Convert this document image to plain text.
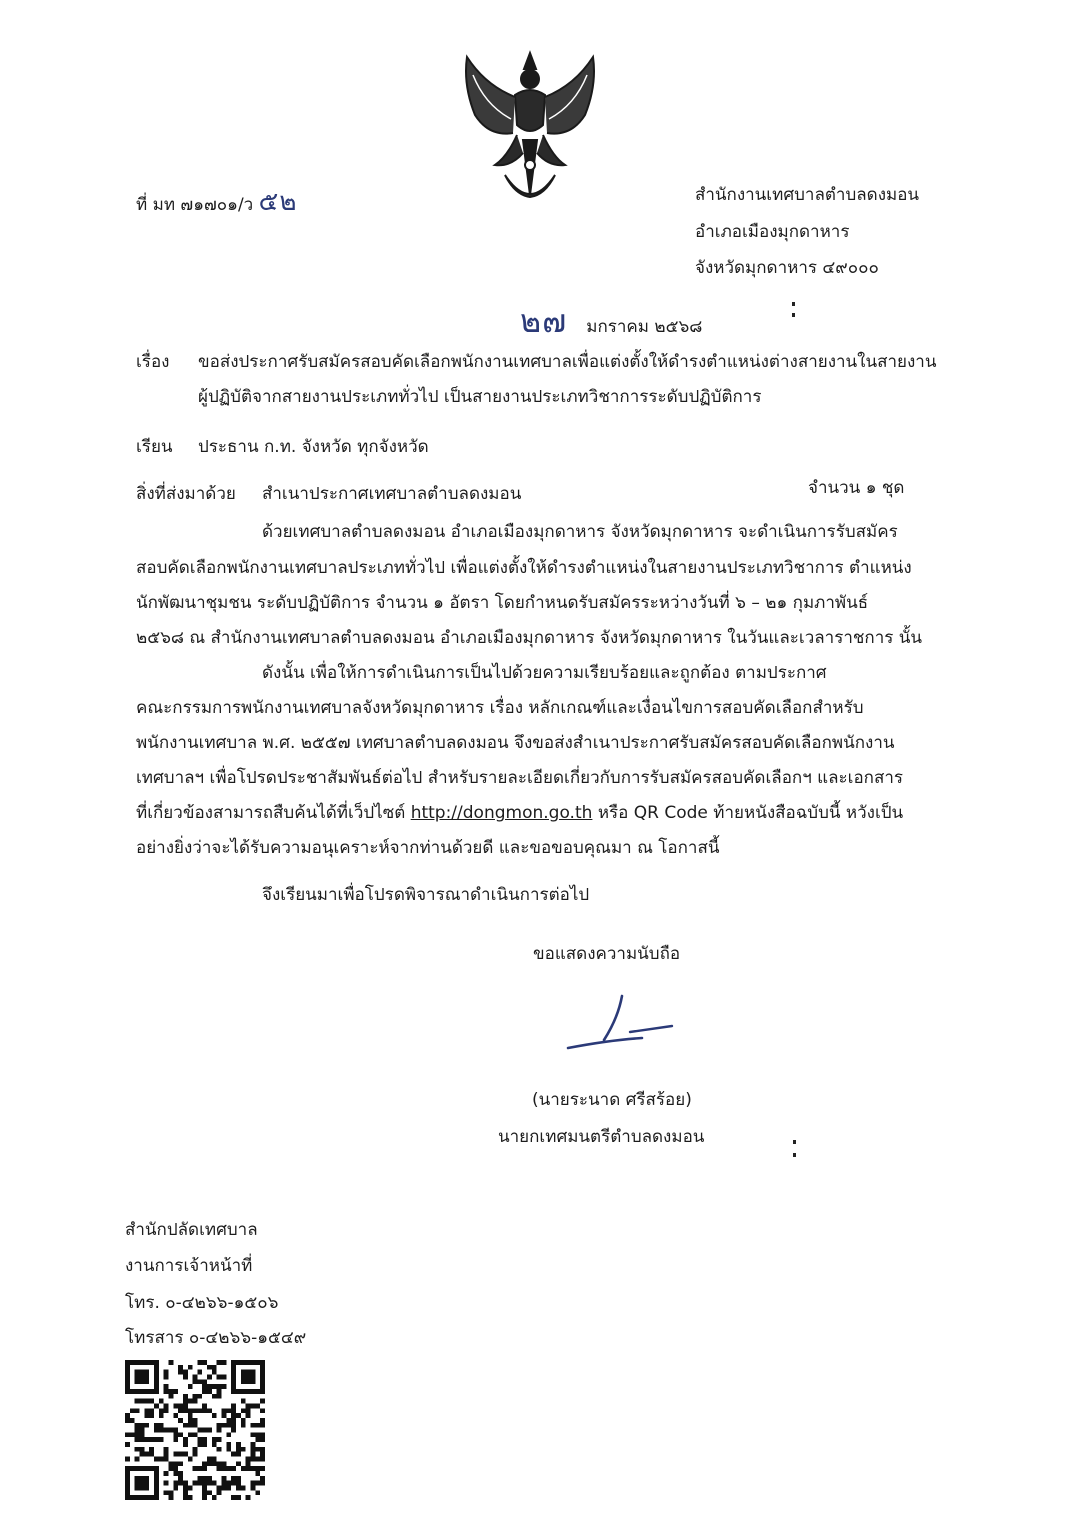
ที่ มท ๗๑๗๐๑/ว ๕๒	สำนักงานเทศบาลตำบลดงมอน
อำเภอเมืองมุกดาหาร
จังหวัดมุกดาหาร ๔๙๐๐๐
๒๗ มกราคม ๒๕๖๘
เรื่อง ขอส่งประกาศรับสมัครสอบคัดเลือกพนักงานเทศบาลเพื่อแต่งตั้งให้ดำรงตำแหน่งต่างสายงานในสายงาน
ผู้ปฏิบัติจากสายงานประเภททั่วไป เป็นสายงานประเภทวิชาการระดับปฏิบัติการ
เรียน ประธาน ก.ท. จังหวัด ทุกจังหวัด
สิ่งที่ส่งมาด้วย สำเนาประกาศเทศบาลตำบลดงมอน	จำนวน ๑ ชุด
ด้วยเทศบาลตำบลดงมอน อำเภอเมืองมุกดาหาร จังหวัดมุกดาหาร จะดำเนินการรับสมัคร
สอบคัดเลือกพนักงานเทศบาลประเภททั่วไป เพื่อแต่งตั้งให้ดำรงตำแหน่งในสายงานประเภทวิชาการ ตำแหน่ง
นักพัฒนาชุมชน ระดับปฏิบัติการ จำนวน ๑ อัตรา โดยกำหนดรับสมัครระหว่างวันที่ ๖ – ๒๑ กุมภาพันธ์
๒๕๖๘ ณ สำนักงานเทศบาลตำบลดงมอน อำเภอเมืองมุกดาหาร จังหวัดมุกดาหาร ในวันและเวลาราชการ นั้น
ดังนั้น เพื่อให้การดำเนินการเป็นไปด้วยความเรียบร้อยและถูกต้อง ตามประกาศ
คณะกรรมการพนักงานเทศบาลจังหวัดมุกดาหาร เรื่อง หลักเกณฑ์และเงื่อนไขการสอบคัดเลือกสำหรับ
พนักงานเทศบาล พ.ศ. ๒๕๕๗ เทศบาลตำบลดงมอน จึงขอส่งสำเนาประกาศรับสมัครสอบคัดเลือกพนักงาน
เทศบาลฯ เพื่อโปรดประชาสัมพันธ์ต่อไป สำหรับรายละเอียดเกี่ยวกับการรับสมัครสอบคัดเลือกฯ และเอกสาร
ที่เกี่ยวข้องสามารถสืบค้นได้ที่เว็ปไซต์ http://dongmon.go.th หรือ QR Code ท้ายหนังสือฉบับนี้ หวังเป็น
อย่างยิ่งว่าจะได้รับความอนุเคราะห์จากท่านด้วยดี และขอขอบคุณมา ณ โอกาสนี้
จึงเรียนมาเพื่อโปรดพิจารณาดำเนินการต่อไป
ขอแสดงความนับถือ
(นายระนาด ศรีสร้อย)
นายกเทศมนตรีตำบลดงมอน
สำนักปลัดเทศบาล
งานการเจ้าหน้าที่
โทร. ๐-๔๒๖๖-๑๕๐๖
โทรสาร ๐-๔๒๖๖-๑๕๔๙
